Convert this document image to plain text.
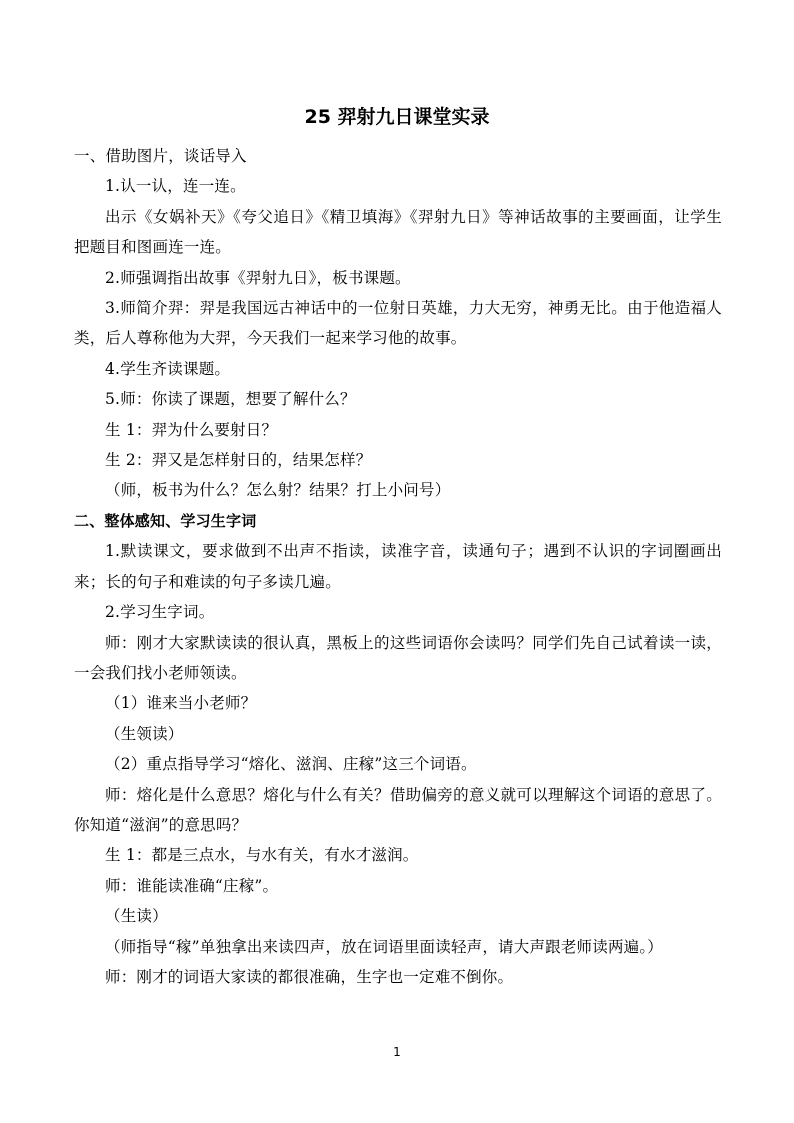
25 羿射九日课堂实录

一、借助图片，谈话导入

1.认一认，连一连。

出示《女娲补天》《夸父追日》《精卫填海》《羿射九日》等神话故事的主要画面，让学生把题目和图画连一连。

2.师强调指出故事《羿射九日》，板书课题。

3.师简介羿：羿是我国远古神话中的一位射日英雄，力大无穷，神勇无比。由于他造福人类，后人尊称他为大羿，今天我们一起来学习他的故事。

4.学生齐读课题。

5.师：你读了课题，想要了解什么？

生 1：羿为什么要射日？

生 2：羿又是怎样射日的，结果怎样？

（师，板书为什么？怎么射？结果？打上小问号）

二、整体感知、学习生字词

1.默读课文，要求做到不出声不指读，读准字音，读通句子；遇到不认识的字词圈画出来；长的句子和难读的句子多读几遍。

2.学习生字词。

师：刚才大家默读读的很认真，黑板上的这些词语你会读吗？同学们先自己试着读一读，一会我们找小老师领读。

（1）谁来当小老师？

（生领读）

（2）重点指导学习“熔化、滋润、庄稼”这三个词语。

师：熔化是什么意思？熔化与什么有关？借助偏旁的意义就可以理解这个词语的意思了。你知道“滋润”的意思吗？

生 1：都是三点水，与水有关，有水才滋润。

师：谁能读准确“庄稼”。

（生读）

（师指导“稼”单独拿出来读四声，放在词语里面读轻声，请大声跟老师读两遍。）

师：刚才的词语大家读的都很准确，生字也一定难不倒你。

1
